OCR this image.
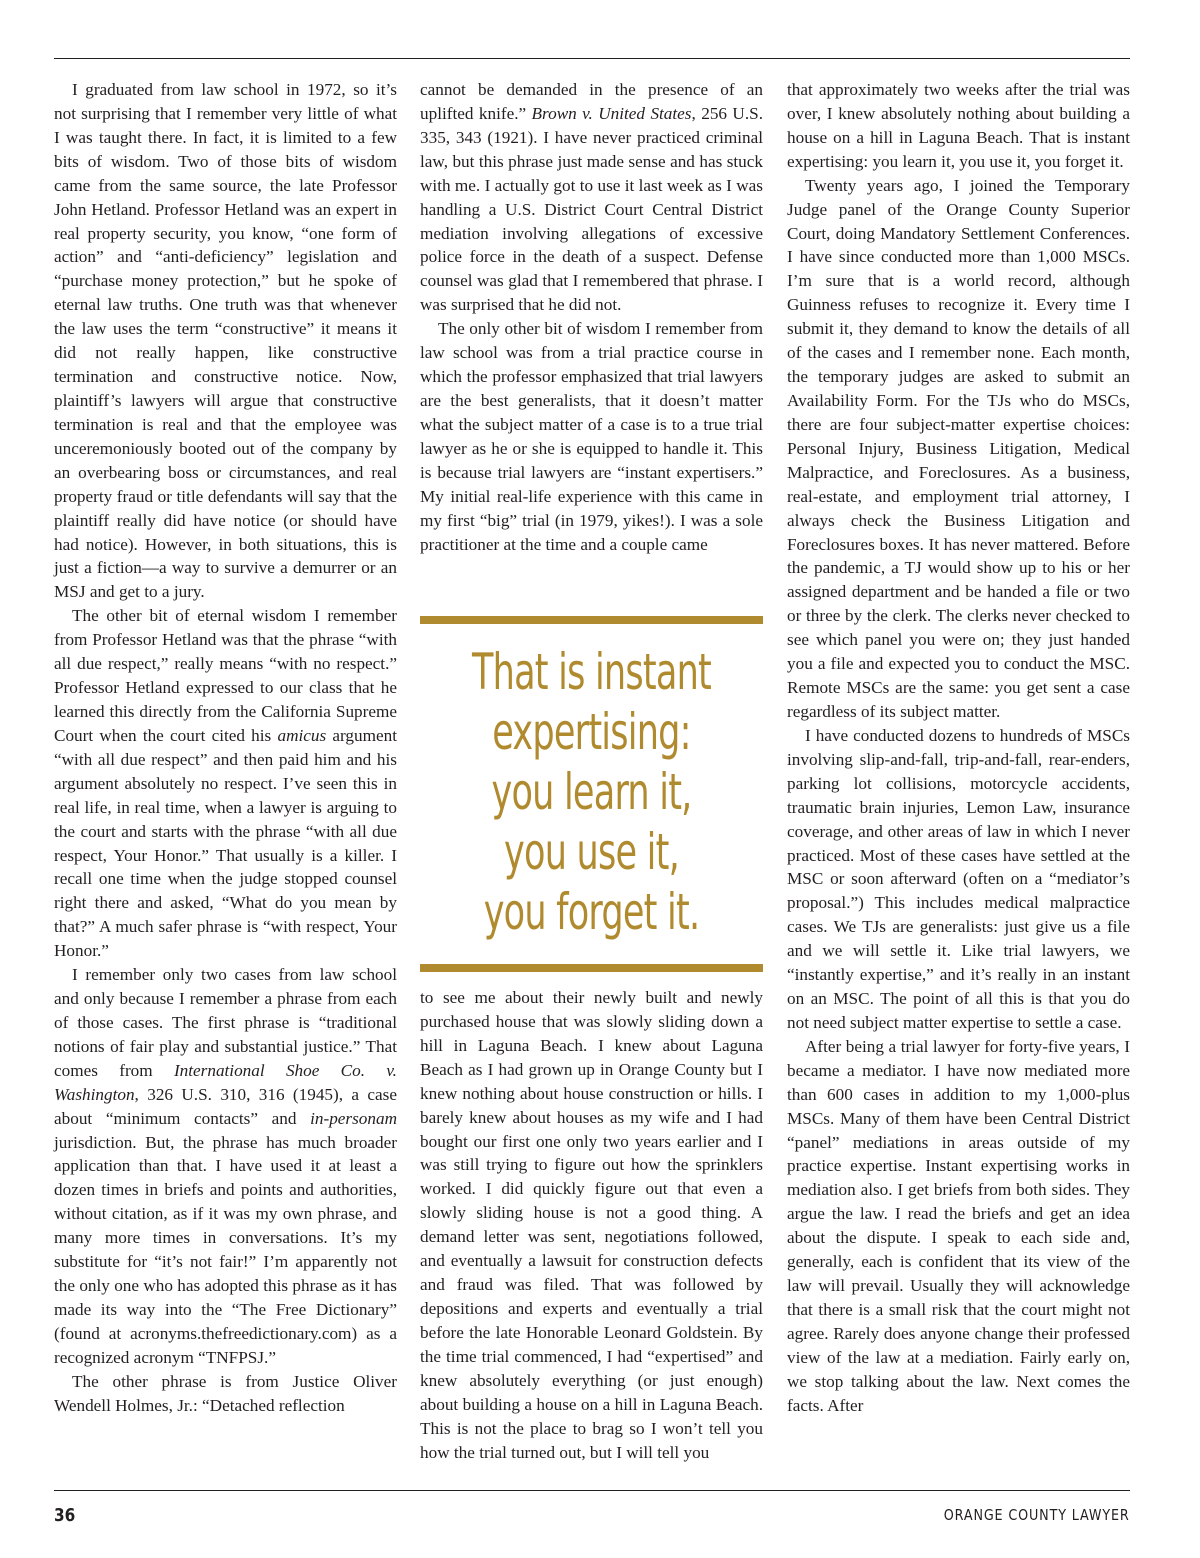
I graduated from law school in 1972, so it’s not surprising that I remember very little of what I was taught there. In fact, it is limited to a few bits of wisdom. Two of those bits of wisdom came from the same source, the late Professor John Hetland. Professor Hetland was an expert in real property security, you know, “one form of action” and “anti-deficiency” legislation and “purchase money protection,” but he spoke of eternal law truths. One truth was that whenever the law uses the term “constructive” it means it did not really happen, like constructive termination and constructive notice. Now, plaintiff’s lawyers will argue that constructive termination is real and that the employee was unceremoniously booted out of the company by an overbearing boss or circumstances, and real property fraud or title defendants will say that the plaintiff really did have notice (or should have had notice). However, in both situations, this is just a fiction—a way to survive a demurrer or an MSJ and get to a jury.

The other bit of eternal wisdom I remember from Professor Hetland was that the phrase “with all due respect,” really means “with no respect.” Professor Hetland expressed to our class that he learned this directly from the California Supreme Court when the court cited his amicus argument “with all due respect” and then paid him and his argument absolutely no respect. I’ve seen this in real life, in real time, when a lawyer is arguing to the court and starts with the phrase “with all due respect, Your Honor.” That usually is a killer. I recall one time when the judge stopped counsel right there and asked, “What do you mean by that?” A much safer phrase is “with respect, Your Honor.”

I remember only two cases from law school and only because I remember a phrase from each of those cases. The first phrase is “traditional notions of fair play and substantial justice.” That comes from International Shoe Co. v. Washington, 326 U.S. 310, 316 (1945), a case about “minimum contacts” and in-personam jurisdiction. But, the phrase has much broader application than that. I have used it at least a dozen times in briefs and points and authorities, without citation, as if it was my own phrase, and many more times in conversations. It’s my substitute for “it’s not fair!” I’m apparently not the only one who has adopted this phrase as it has made its way into the “The Free Dictionary” (found at acronyms.thefreedictionary.com) as a recognized acronym “TNFPSJ.”

The other phrase is from Justice Oliver Wendell Holmes, Jr.: “Detached reflection

cannot be demanded in the presence of an uplifted knife.” Brown v. United States, 256 U.S. 335, 343 (1921). I have never practiced criminal law, but this phrase just made sense and has stuck with me. I actually got to use it last week as I was handling a U.S. District Court Central District mediation involving allegations of excessive police force in the death of a suspect. Defense counsel was glad that I remembered that phrase. I was surprised that he did not.

The only other bit of wisdom I remember from law school was from a trial practice course in which the professor emphasized that trial lawyers are the best generalists, that it doesn’t matter what the subject matter of a case is to a true trial lawyer as he or she is equipped to handle it. This is because trial lawyers are “instant expertisers.” My initial real-life experience with this came in my first “big” trial (in 1979, yikes!). I was a sole practitioner at the time and a couple came

That is instant
expertising:
you learn it,
you use it,
you forget it.

to see me about their newly built and newly purchased house that was slowly sliding down a hill in Laguna Beach. I knew about Laguna Beach as I had grown up in Orange County but I knew nothing about house construction or hills. I barely knew about houses as my wife and I had bought our first one only two years earlier and I was still trying to figure out how the sprinklers worked. I did quickly figure out that even a slowly sliding house is not a good thing. A demand letter was sent, negotiations followed, and eventually a lawsuit for construction defects and fraud was filed. That was followed by depositions and experts and eventually a trial before the late Honorable Leonard Goldstein. By the time trial commenced, I had “expertised” and knew absolutely everything (or just enough) about building a house on a hill in Laguna Beach. This is not the place to brag so I won’t tell you how the trial turned out, but I will tell you

that approximately two weeks after the trial was over, I knew absolutely nothing about building a house on a hill in Laguna Beach. That is instant expertising: you learn it, you use it, you forget it.

Twenty years ago, I joined the Temporary Judge panel of the Orange County Superior Court, doing Mandatory Settlement Conferences. I have since conducted more than 1,000 MSCs. I’m sure that is a world record, although Guinness refuses to recognize it. Every time I submit it, they demand to know the details of all of the cases and I remember none. Each month, the temporary judges are asked to submit an Availability Form. For the TJs who do MSCs, there are four subject-matter expertise choices: Personal Injury, Business Litigation, Medical Malpractice, and Foreclosures. As a business, real-estate, and employment trial attorney, I always check the Business Litigation and Foreclosures boxes. It has never mattered. Before the pandemic, a TJ would show up to his or her assigned department and be handed a file or two or three by the clerk. The clerks never checked to see which panel you were on; they just handed you a file and expected you to conduct the MSC. Remote MSCs are the same: you get sent a case regardless of its subject matter.

I have conducted dozens to hundreds of MSCs involving slip-and-fall, trip-and-fall, rear-enders, parking lot collisions, motorcycle accidents, traumatic brain injuries, Lemon Law, insurance coverage, and other areas of law in which I never practiced. Most of these cases have settled at the MSC or soon afterward (often on a “mediator’s proposal.”) This includes medical malpractice cases. We TJs are generalists: just give us a file and we will settle it. Like trial lawyers, we “instantly expertise,” and it’s really in an instant on an MSC. The point of all this is that you do not need subject matter expertise to settle a case.

After being a trial lawyer for forty-five years, I became a mediator. I have now mediated more than 600 cases in addition to my 1,000-plus MSCs. Many of them have been Central District “panel” mediations in areas outside of my practice expertise. Instant expertising works in mediation also. I get briefs from both sides. They argue the law. I read the briefs and get an idea about the dispute. I speak to each side and, generally, each is confident that its view of the law will prevail. Usually they will acknowledge that there is a small risk that the court might not agree. Rarely does anyone change their professed view of the law at a mediation. Fairly early on, we stop talking about the law. Next comes the facts. After

36	ORANGE COUNTY LAWYER
